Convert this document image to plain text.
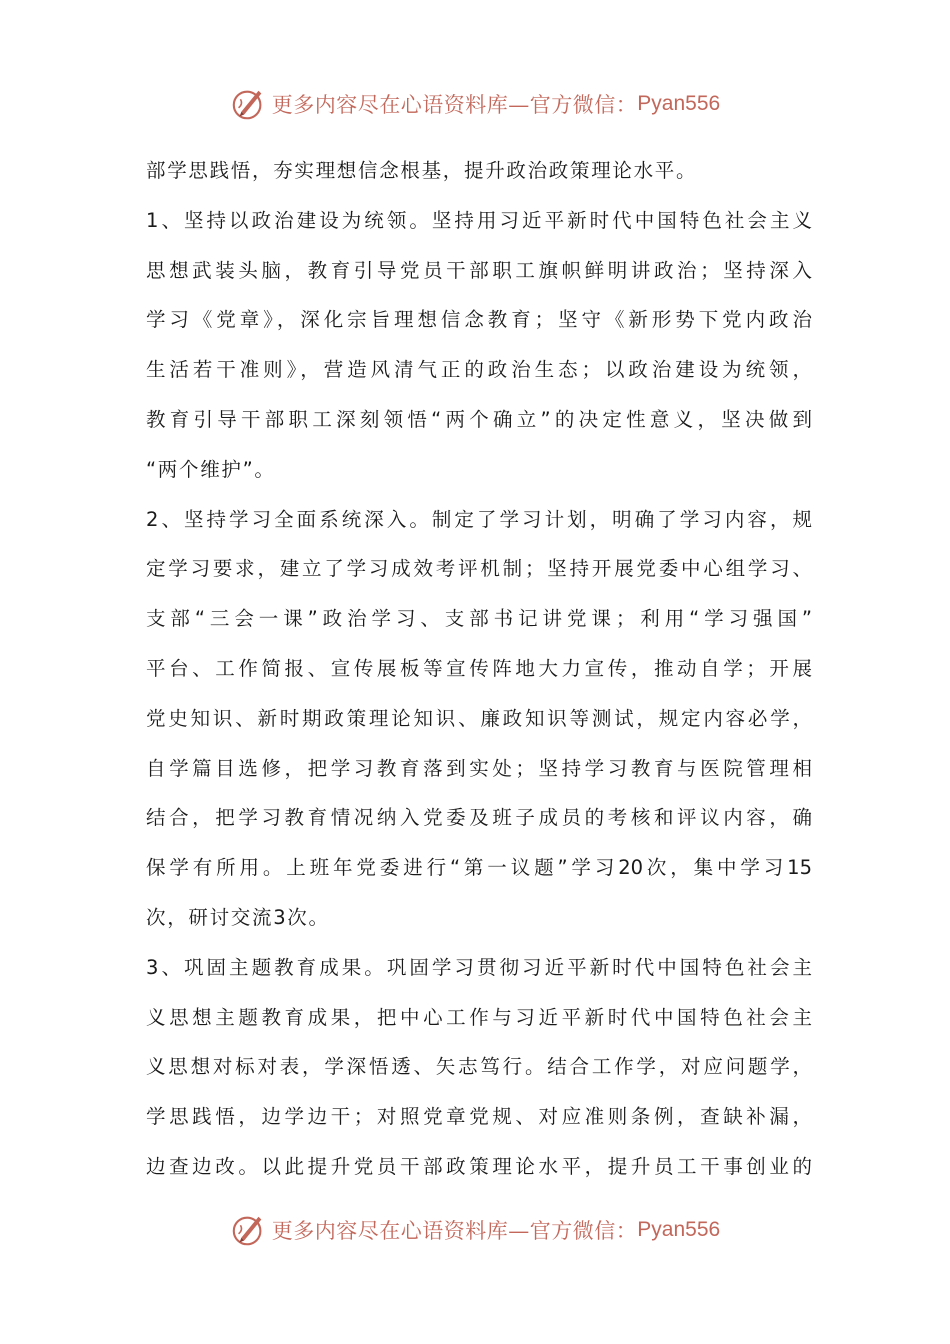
更多内容尽在心语资料库—官方微信： Pyan556
部学思践悟，夯实理想信念根基，提升政治政策理论水平。
1、坚持以政治建设为统领。坚持用习近平新时代中国特色社会主义
思想武装头脑，教育引导党员干部职工旗帜鲜明讲政治；坚持深入
学习《党章》，深化宗旨理想信念教育；坚守《新形势下党内政治
生活若干准则》，营造风清气正的政治生态；以政治建设为统领，
教育引导干部职工深刻领悟“两个确立”的决定性意义，坚决做到
“两个维护”。
2、坚持学习全面系统深入。制定了学习计划，明确了学习内容，规
定学习要求，建立了学习成效考评机制；坚持开展党委中心组学习、
支部“三会一课”政治学习、支部书记讲党课；利用“学习强国”
平台、工作简报、宣传展板等宣传阵地大力宣传，推动自学；开展
党史知识、新时期政策理论知识、廉政知识等测试，规定内容必学，
自学篇目选修，把学习教育落到实处；坚持学习教育与医院管理相
结合，把学习教育情况纳入党委及班子成员的考核和评议内容，确
保学有所用。上班年党委进行“第一议题”学习20次，集中学习15
次，研讨交流3次。
3、巩固主题教育成果。巩固学习贯彻习近平新时代中国特色社会主
义思想主题教育成果，把中心工作与习近平新时代中国特色社会主
义思想对标对表，学深悟透、矢志笃行。结合工作学，对应问题学，
学思践悟，边学边干；对照党章党规、对应准则条例，查缺补漏，
边查边改。以此提升党员干部政策理论水平，提升员工干事创业的
更多内容尽在心语资料库—官方微信： Pyan556
